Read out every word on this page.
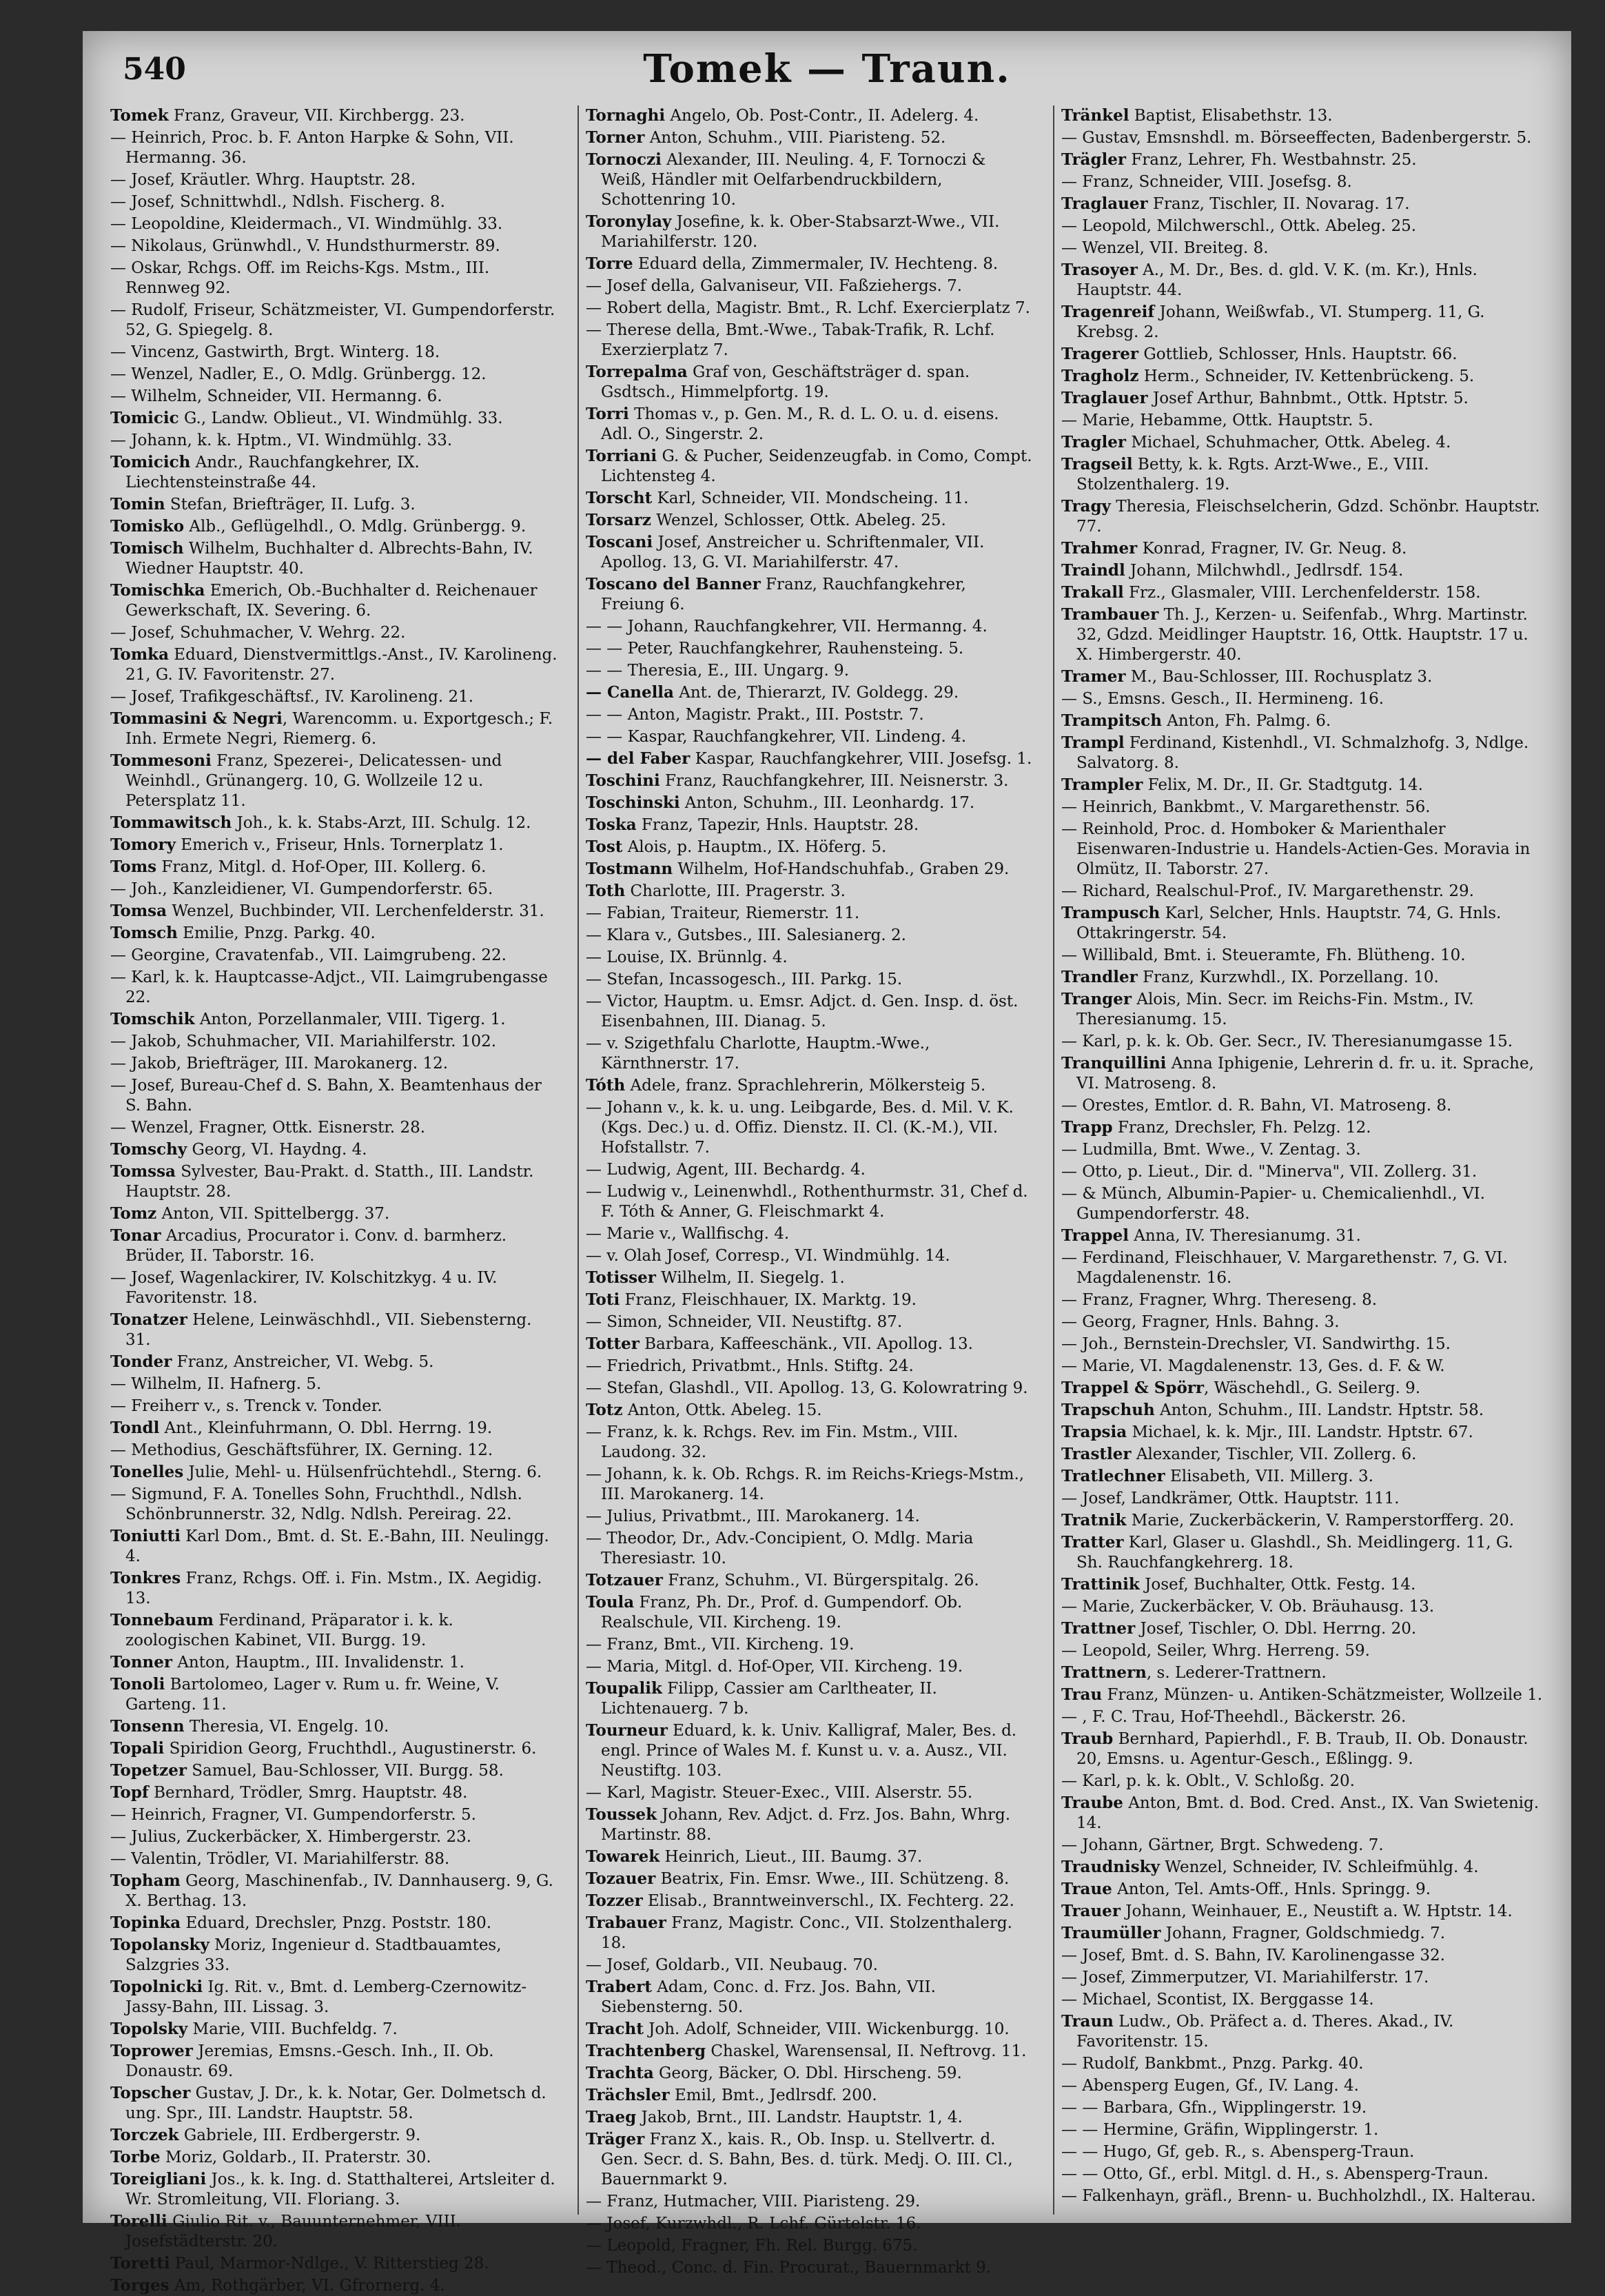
540	Tomek — Traun.
Tomek Franz, Graveur, VII. Kirchbergg. 23.
— Heinrich, Proc. b. F. Anton Harpke & Sohn, VII. Hermanng. 36.
— Josef, Kräutler. Whrg. Hauptstr. 28.
— Josef, Schnittwhdl., Ndlsh. Fischerg. 8.
— Leopoldine, Kleidermach., VI. Windmühlg. 33.
— Nikolaus, Grünwhdl., V. Hundsthurmerstr. 89.
— Oskar, Rchgs. Off. im Reichs-Kgs. Mstm., III. Rennweg 92.
— Rudolf, Friseur, Schätzmeister, VI. Gumpendorferstr. 52, G. Spiegelg. 8.
— Vincenz, Gastwirth, Brgt. Winterg. 18.
— Wenzel, Nadler, E., O. Mdlg. Grünbergg. 12.
— Wilhelm, Schneider, VII. Hermanng. 6.
Tomicic G., Landw. Oblieut., VI. Windmühlg. 33.
— Johann, k. k. Hptm., VI. Windmühlg. 33.
Tomicich Andr., Rauchfangkehrer, IX. Liechtensteinstraße 44.
Tomin Stefan, Briefträger, II. Lufg. 3.
Tomisko Alb., Geflügelhdl., O. Mdlg. Grünbergg. 9.
Tomisch Wilhelm, Buchhalter d. Albrechts-Bahn, IV. Wiedner Hauptstr. 40.
Tomischka Emerich, Ob.-Buchhalter d. Reichenauer Gewerkschaft, IX. Severing. 6.
— Josef, Schuhmacher, V. Wehrg. 22.
Tomka Eduard, Dienstvermittlgs.-Anst., IV. Karolineng. 21, G. IV. Favoritenstr. 27.
— Josef, Trafikgeschäftsf., IV. Karolineng. 21.
Tommasini & Negri, Warencomm. u. Exportgesch.; F. Inh. Ermete Negri, Riemerg. 6.
Tommesoni Franz, Spezerei-, Delicatessen- und Weinhdl., Grünangerg. 10, G. Wollzeile 12 u. Petersplatz 11.
Tommawitsch Joh., k. k. Stabs-Arzt, III. Schulg. 12.
Tomory Emerich v., Friseur, Hnls. Tornerplatz 1.
Toms Franz, Mitgl. d. Hof-Oper, III. Kollerg. 6.
— Joh., Kanzleidiener, VI. Gumpendorferstr. 65.
Tomsa Wenzel, Buchbinder, VII. Lerchenfelderstr. 31.
Tomsch Emilie, Pnzg. Parkg. 40.
— Georgine, Cravatenfab., VII. Laimgrubeng. 22.
— Karl, k. k. Hauptcasse-Adjct., VII. Laimgrubengasse 22.
Tomschik Anton, Porzellanmaler, VIII. Tigerg. 1.
— Jakob, Schuhmacher, VII. Mariahilferstr. 102.
— Jakob, Briefträger, III. Marokanerg. 12.
— Josef, Bureau-Chef d. S. Bahn, X. Beamtenhaus der S. Bahn.
— Wenzel, Fragner, Ottk. Eisnerstr. 28.
Tomschy Georg, VI. Haydng. 4.
Tomssa Sylvester, Bau-Prakt. d. Statth., III. Landstr. Hauptstr. 28.
Tomz Anton, VII. Spittelbergg. 37.
Tonar Arcadius, Procurator i. Conv. d. barmherz. Brüder, II. Taborstr. 16.
— Josef, Wagenlackirer, IV. Kolschitzkyg. 4 u. IV. Favoritenstr. 18.
Tonatzer Helene, Leinwäschhdl., VII. Siebensterng. 31.
Tonder Franz, Anstreicher, VI. Webg. 5.
— Wilhelm, II. Hafnerg. 5.
— Freiherr v., s. Trenck v. Tonder.
Tondl Ant., Kleinfuhrmann, O. Dbl. Herrng. 19.
— Methodius, Geschäftsführer, IX. Gerning. 12.
Tonelles Julie, Mehl- u. Hülsenfrüchtehdl., Sterng. 6.
— Sigmund, F. A. Tonelles Sohn, Fruchthdl., Ndlsh. Schönbrunnerstr. 32, Ndlg. Ndlsh. Pereirag. 22.
Toniutti Karl Dom., Bmt. d. St. E.-Bahn, III. Neulingg. 4.
Tonkres Franz, Rchgs. Off. i. Fin. Mstm., IX. Aegidig. 13.
Tonnebaum Ferdinand, Präparator i. k. k. zoologischen Kabinet, VII. Burgg. 19.
Tonner Anton, Hauptm., III. Invalidenstr. 1.
Tonoli Bartolomeo, Lager v. Rum u. fr. Weine, V. Garteng. 11.
Tonsenn Theresia, VI. Engelg. 10.
Topali Spiridion Georg, Fruchthdl., Augustinerstr. 6.
Topetzer Samuel, Bau-Schlosser, VII. Burgg. 58.
Topf Bernhard, Trödler, Smrg. Hauptstr. 48.
— Heinrich, Fragner, VI. Gumpendorferstr. 5.
— Julius, Zuckerbäcker, X. Himbergerstr. 23.
— Valentin, Trödler, VI. Mariahilferstr. 88.
Topham Georg, Maschinenfab., IV. Dannhauserg. 9, G. X. Berthag. 13.
Topinka Eduard, Drechsler, Pnzg. Poststr. 180.
Topolansky Moriz, Ingenieur d. Stadtbauamtes, Salzgries 33.
Topolnicki Ig. Rit. v., Bmt. d. Lemberg-Czernowitz-Jassy-Bahn, III. Lissag. 3.
Topolsky Marie, VIII. Buchfeldg. 7.
Toprower Jeremias, Emsns.-Gesch. Inh., II. Ob. Donaustr. 69.
Topscher Gustav, J. Dr., k. k. Notar, Ger. Dolmetsch d. ung. Spr., III. Landstr. Hauptstr. 58.
Torczek Gabriele, III. Erdbergerstr. 9.
Torbe Moriz, Goldarb., II. Praterstr. 30.
Toreigliani Jos., k. k. Ing. d. Statthalterei, Artsleiter d. Wr. Stromleitung, VII. Floriang. 3.
Torelli Giulio Rit. v., Bauunternehmer, VIII. Josefstädterstr. 20.
Toretti Paul, Marmor-Ndlge., V. Ritterstieg 28.
Torges Am, Rothgärber, VI. Gfrornerg. 4.
Tornaghi Angelo, Ob. Post-Contr., II. Adelerg. 4.
Torner Anton, Schuhm., VIII. Piaristeng. 52.
Tornoczi Alexander, III. Neuling. 4, F. Tornoczi & Weiß, Händler mit Oelfarbendruckbildern, Schottenring 10.
Toronylay Josefine, k. k. Ober-Stabsarzt-Wwe., VII. Mariahilferstr. 120.
Torre Eduard della, Zimmermaler, IV. Hechteng. 8.
— Josef della, Galvaniseur, VII. Faßziehergs. 7.
— Robert della, Magistr. Bmt., R. Lchf. Exercierplatz 7.
— Therese della, Bmt.-Wwe., Tabak-Trafik, R. Lchf. Exerzierplatz 7.
Torrepalma Graf von, Geschäftsträger d. span. Gsdtsch., Himmelpfortg. 19.
Torri Thomas v., p. Gen. M., R. d. L. O. u. d. eisens. Adl. O., Singerstr. 2.
Torriani G. & Pucher, Seidenzeugfab. in Como, Compt. Lichtensteg 4.
Torscht Karl, Schneider, VII. Mondscheing. 11.
Torsarz Wenzel, Schlosser, Ottk. Abeleg. 25.
Toscani Josef, Anstreicher u. Schriftenmaler, VII. Apollog. 13, G. VI. Mariahilferstr. 47.
Toscano del Banner Franz, Rauchfangkehrer, Freiung 6.
— — Johann, Rauchfangkehrer, VII. Hermanng. 4.
— — Peter, Rauchfangkehrer, Rauhensteing. 5.
— — Theresia, E., III. Ungarg. 9.
— Canella Ant. de, Thierarzt, IV. Goldegg. 29.
— — Anton, Magistr. Prakt., III. Poststr. 7.
— — Kaspar, Rauchfangkehrer, VII. Lindeng. 4.
— del Faber Kaspar, Rauchfangkehrer, VIII. Josefsg. 1.
Toschini Franz, Rauchfangkehrer, III. Neisnerstr. 3.
Toschinski Anton, Schuhm., III. Leonhardg. 17.
Toska Franz, Tapezir, Hnls. Hauptstr. 28.
Tost Alois, p. Hauptm., IX. Höferg. 5.
Tostmann Wilhelm, Hof-Handschuhfab., Graben 29.
Toth Charlotte, III. Pragerstr. 3.
— Fabian, Traiteur, Riemerstr. 11.
— Klara v., Gutsbes., III. Salesianerg. 2.
— Louise, IX. Brünnlg. 4.
— Stefan, Incassogesch., III. Parkg. 15.
— Victor, Hauptm. u. Emsr. Adjct. d. Gen. Insp. d. öst. Eisenbahnen, III. Dianag. 5.
— v. Szigethfalu Charlotte, Hauptm.-Wwe., Kärnthnerstr. 17.
Tóth Adele, franz. Sprachlehrerin, Mölkersteig 5.
— Johann v., k. k. u. ung. Leibgarde, Bes. d. Mil. V. K. (Kgs. Dec.) u. d. Offiz. Dienstz. II. Cl. (K.-M.), VII. Hofstallstr. 7.
— Ludwig, Agent, III. Bechardg. 4.
— Ludwig v., Leinenwhdl., Rothenthurmstr. 31, Chef d. F. Tóth & Anner, G. Fleischmarkt 4.
— Marie v., Wallfischg. 4.
— v. Olah Josef, Corresp., VI. Windmühlg. 14.
Totisser Wilhelm, II. Siegelg. 1.
Toti Franz, Fleischhauer, IX. Marktg. 19.
— Simon, Schneider, VII. Neustiftg. 87.
Totter Barbara, Kaffeeschänk., VII. Apollog. 13.
— Friedrich, Privatbmt., Hnls. Stiftg. 24.
— Stefan, Glashdl., VII. Apollog. 13, G. Kolowratring 9.
Totz Anton, Ottk. Abeleg. 15.
— Franz, k. k. Rchgs. Rev. im Fin. Mstm., VIII. Laudong. 32.
— Johann, k. k. Ob. Rchgs. R. im Reichs-Kriegs-Mstm., III. Marokanerg. 14.
— Julius, Privatbmt., III. Marokanerg. 14.
— Theodor, Dr., Adv.-Concipient, O. Mdlg. Maria Theresiastr. 10.
Totzauer Franz, Schuhm., VI. Bürgerspitalg. 26.
Toula Franz, Ph. Dr., Prof. d. Gumpendorf. Ob. Realschule, VII. Kircheng. 19.
— Franz, Bmt., VII. Kircheng. 19.
— Maria, Mitgl. d. Hof-Oper, VII. Kircheng. 19.
Toupalik Filipp, Cassier am Carltheater, II. Lichtenauerg. 7 b.
Tourneur Eduard, k. k. Univ. Kalligraf, Maler, Bes. d. engl. Prince of Wales M. f. Kunst u. v. a. Ausz., VII. Neustiftg. 103.
— Karl, Magistr. Steuer-Exec., VIII. Alserstr. 55.
Toussek Johann, Rev. Adjct. d. Frz. Jos. Bahn, Whrg. Martinstr. 88.
Towarek Heinrich, Lieut., III. Baumg. 37.
Tozauer Beatrix, Fin. Emsr. Wwe., III. Schützeng. 8.
Tozzer Elisab., Branntweinverschl., IX. Fechterg. 22.
Trabauer Franz, Magistr. Conc., VII. Stolzenthalerg. 18.
— Josef, Goldarb., VII. Neubaug. 70.
Trabert Adam, Conc. d. Frz. Jos. Bahn, VII. Siebensterng. 50.
Tracht Joh. Adolf, Schneider, VIII. Wickenburgg. 10.
Trachtenberg Chaskel, Warensensal, II. Neftrovg. 11.
Trachta Georg, Bäcker, O. Dbl. Hirscheng. 59.
Trächsler Emil, Bmt., Jedlrsdf. 200.
Traeg Jakob, Brnt., III. Landstr. Hauptstr. 1, 4.
Träger Franz X., kais. R., Ob. Insp. u. Stellvertr. d. Gen. Secr. d. S. Bahn, Bes. d. türk. Medj. O. III. Cl., Bauernmarkt 9.
— Franz, Hutmacher, VIII. Piaristeng. 29.
— Josef, Kurzwhdl., R. Lchf. Gürtelstr. 16.
— Leopold, Fragner, Fh. Rel. Burgg. 675.
— Theod., Conc. d. Fin. Procurat., Bauernmarkt 9.
Tränkel Baptist, Elisabethstr. 13.
— Gustav, Emsnshdl. m. Börseeffecten, Badenbergerstr. 5.
Trägler Franz, Lehrer, Fh. Westbahnstr. 25.
— Franz, Schneider, VIII. Josefsg. 8.
Traglauer Franz, Tischler, II. Novarag. 17.
— Leopold, Milchwerschl., Ottk. Abeleg. 25.
— Wenzel, VII. Breiteg. 8.
Trasoyer A., M. Dr., Bes. d. gld. V. K. (m. Kr.), Hnls. Hauptstr. 44.
Tragenreif Johann, Weißwfab., VI. Stumperg. 11, G. Krebsg. 2.
Tragerer Gottlieb, Schlosser, Hnls. Hauptstr. 66.
Tragholz Herm., Schneider, IV. Kettenbrückeng. 5.
Traglauer Josef Arthur, Bahnbmt., Ottk. Hptstr. 5.
— Marie, Hebamme, Ottk. Hauptstr. 5.
Tragler Michael, Schuhmacher, Ottk. Abeleg. 4.
Tragseil Betty, k. k. Rgts. Arzt-Wwe., E., VIII. Stolzenthalerg. 19.
Tragy Theresia, Fleischselcherin, Gdzd. Schönbr. Hauptstr. 77.
Trahmer Konrad, Fragner, IV. Gr. Neug. 8.
Traindl Johann, Milchwhdl., Jedlrsdf. 154.
Trakall Frz., Glasmaler, VIII. Lerchenfelderstr. 158.
Trambauer Th. J., Kerzen- u. Seifenfab., Whrg. Martinstr. 32, Gdzd. Meidlinger Hauptstr. 16, Ottk. Hauptstr. 17 u. X. Himbergerstr. 40.
Tramer M., Bau-Schlosser, III. Rochusplatz 3.
— S., Emsns. Gesch., II. Hermineng. 16.
Trampitsch Anton, Fh. Palmg. 6.
Trampl Ferdinand, Kistenhdl., VI. Schmalzhofg. 3, Ndlge. Salvatorg. 8.
Trampler Felix, M. Dr., II. Gr. Stadtgutg. 14.
— Heinrich, Bankbmt., V. Margarethenstr. 56.
— Reinhold, Proc. d. Homboker & Marienthaler Eisenwaren-Industrie u. Handels-Actien-Ges. Moravia in Olmütz, II. Taborstr. 27.
— Richard, Realschul-Prof., IV. Margarethenstr. 29.
Trampusch Karl, Selcher, Hnls. Hauptstr. 74, G. Hnls. Ottakringerstr. 54.
— Willibald, Bmt. i. Steueramte, Fh. Blütheng. 10.
Trandler Franz, Kurzwhdl., IX. Porzellang. 10.
Tranger Alois, Min. Secr. im Reichs-Fin. Mstm., IV. Theresianumg. 15.
— Karl, p. k. k. Ob. Ger. Secr., IV. Theresianumgasse 15.
Tranquillini Anna Iphigenie, Lehrerin d. fr. u. it. Sprache, VI. Matroseng. 8.
— Orestes, Emtlor. d. R. Bahn, VI. Matroseng. 8.
Trapp Franz, Drechsler, Fh. Pelzg. 12.
— Ludmilla, Bmt. Wwe., V. Zentag. 3.
— Otto, p. Lieut., Dir. d. "Minerva", VII. Zollerg. 31.
— & Münch, Albumin-Papier- u. Chemicalienhdl., VI. Gumpendorferstr. 48.
Trappel Anna, IV. Theresianumg. 31.
— Ferdinand, Fleischhauer, V. Margarethenstr. 7, G. VI. Magdalenenstr. 16.
— Franz, Fragner, Whrg. Thereseng. 8.
— Georg, Fragner, Hnls. Bahng. 3.
— Joh., Bernstein-Drechsler, VI. Sandwirthg. 15.
— Marie, VI. Magdalenenstr. 13, Ges. d. F. & W.
Trappel & Spörr, Wäschehdl., G. Seilerg. 9.
Trapschuh Anton, Schuhm., III. Landstr. Hptstr. 58.
Trapsia Michael, k. k. Mjr., III. Landstr. Hptstr. 67.
Trastler Alexander, Tischler, VII. Zollerg. 6.
Tratlechner Elisabeth, VII. Millerg. 3.
— Josef, Landkrämer, Ottk. Hauptstr. 111.
Tratnik Marie, Zuckerbäckerin, V. Ramperstorfferg. 20.
Tratter Karl, Glaser u. Glashdl., Sh. Meidlingerg. 11, G. Sh. Rauchfangkehrerg. 18.
Trattinik Josef, Buchhalter, Ottk. Festg. 14.
— Marie, Zuckerbäcker, V. Ob. Bräuhausg. 13.
Trattner Josef, Tischler, O. Dbl. Herrng. 20.
— Leopold, Seiler, Whrg. Herreng. 59.
Trattnern, s. Lederer-Trattnern.
Trau Franz, Münzen- u. Antiken-Schätzmeister, Wollzeile 1.
— , F. C. Trau, Hof-Theehdl., Bäckerstr. 26.
Traub Bernhard, Papierhdl., F. B. Traub, II. Ob. Donaustr. 20, Emsns. u. Agentur-Gesch., Eßlingg. 9.
— Karl, p. k. k. Oblt., V. Schloßg. 20.
Traube Anton, Bmt. d. Bod. Cred. Anst., IX. Van Swietenig. 14.
— Johann, Gärtner, Brgt. Schwedeng. 7.
Traudnisky Wenzel, Schneider, IV. Schleifmühlg. 4.
Traue Anton, Tel. Amts-Off., Hnls. Springg. 9.
Trauer Johann, Weinhauer, E., Neustift a. W. Hptstr. 14.
Traumüller Johann, Fragner, Goldschmiedg. 7.
— Josef, Bmt. d. S. Bahn, IV. Karolinengasse 32.
— Josef, Zimmerputzer, VI. Mariahilferstr. 17.
— Michael, Scontist, IX. Berggasse 14.
Traun Ludw., Ob. Präfect a. d. Theres. Akad., IV. Favoritenstr. 15.
— Rudolf, Bankbmt., Pnzg. Parkg. 40.
— Abensperg Eugen, Gf., IV. Lang. 4.
— — Barbara, Gfn., Wipplingerstr. 19.
— — Hermine, Gräfin, Wipplingerstr. 1.
— — Hugo, Gf, geb. R., s. Abensperg-Traun.
— — Otto, Gf., erbl. Mitgl. d. H., s. Abensperg-Traun.
— Falkenhayn, gräfl., Brenn- u. Buchholzhdl., IX. Halterau.
